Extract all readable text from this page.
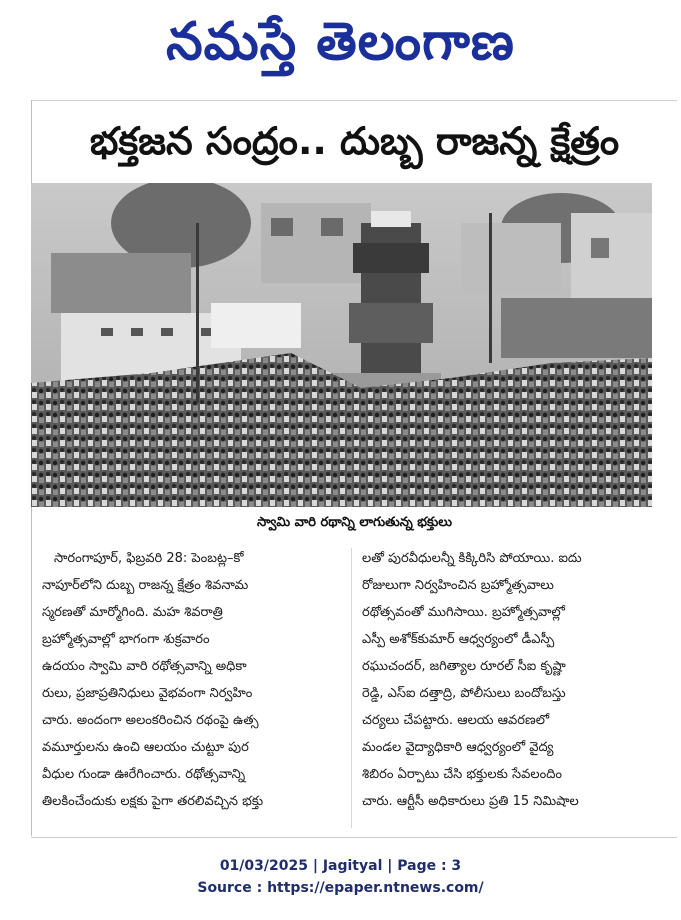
నమస్తే తెలంగాణ
భక్తజన సంద్రం.. దుబ్బ రాజన్న క్షేత్రం
స్వామి వారి రథాన్ని లాగుతున్న భక్తులు
సారంగాపూర్, ఫిబ్రవరి 28: పెంబట్ల–కో
నాపూర్‌లోని దుబ్బ రాజన్న క్షేత్రం శివనామ
స్మరణతో మార్మోగింది. మహ శివరాత్రి
బ్రహ్మోత్సవాల్లో భాగంగా శుక్రవారం
ఉదయం స్వామి వారి రథోత్సవాన్ని అధికా
రులు, ప్రజాప్రతినిధులు వైభవంగా నిర్వహిం
చారు. అందంగా అలంకరించిన రథంపై ఉత్స
వమూర్తులను ఉంచి ఆలయం చుట్టూ పుర
వీధుల గుండా ఊరేగించారు. రథోత్సవాన్ని
తిలకించేందుకు లక్షకు పైగా తరలివచ్చిన భక్తు
లతో పురవీధులన్నీ కిక్కిరిసి పోయాయి. ఐదు
రోజులుగా నిర్వహించిన బ్రహ్మోత్సవాలు
రథోత్సవంతో ముగిసాయి. బ్రహ్మోత్సవాల్లో
ఎస్పీ అశోక్‌కుమార్ ఆధ్వర్యంలో డీఎస్పీ
రఘుచందర్, జగిత్యాల రూరల్ సీఐ కృష్ణా
రెడ్డి, ఎస్‌ఐ దత్తాద్రి, పోలీసులు బందోబస్తు
చర్యలు చేపట్టారు. ఆలయ ఆవరణలో
మండల వైద్యాధికారి ఆధ్వర్యంలో వైద్య
శిబిరం ఏర్పాటు చేసి భక్తులకు సేవలందిం
చారు. ఆర్టీసీ అధికారులు ప్రతి 15 నిమిషాల
01/03/2025 | Jagityal | Page : 3
Source : https://epaper.ntnews.com/
